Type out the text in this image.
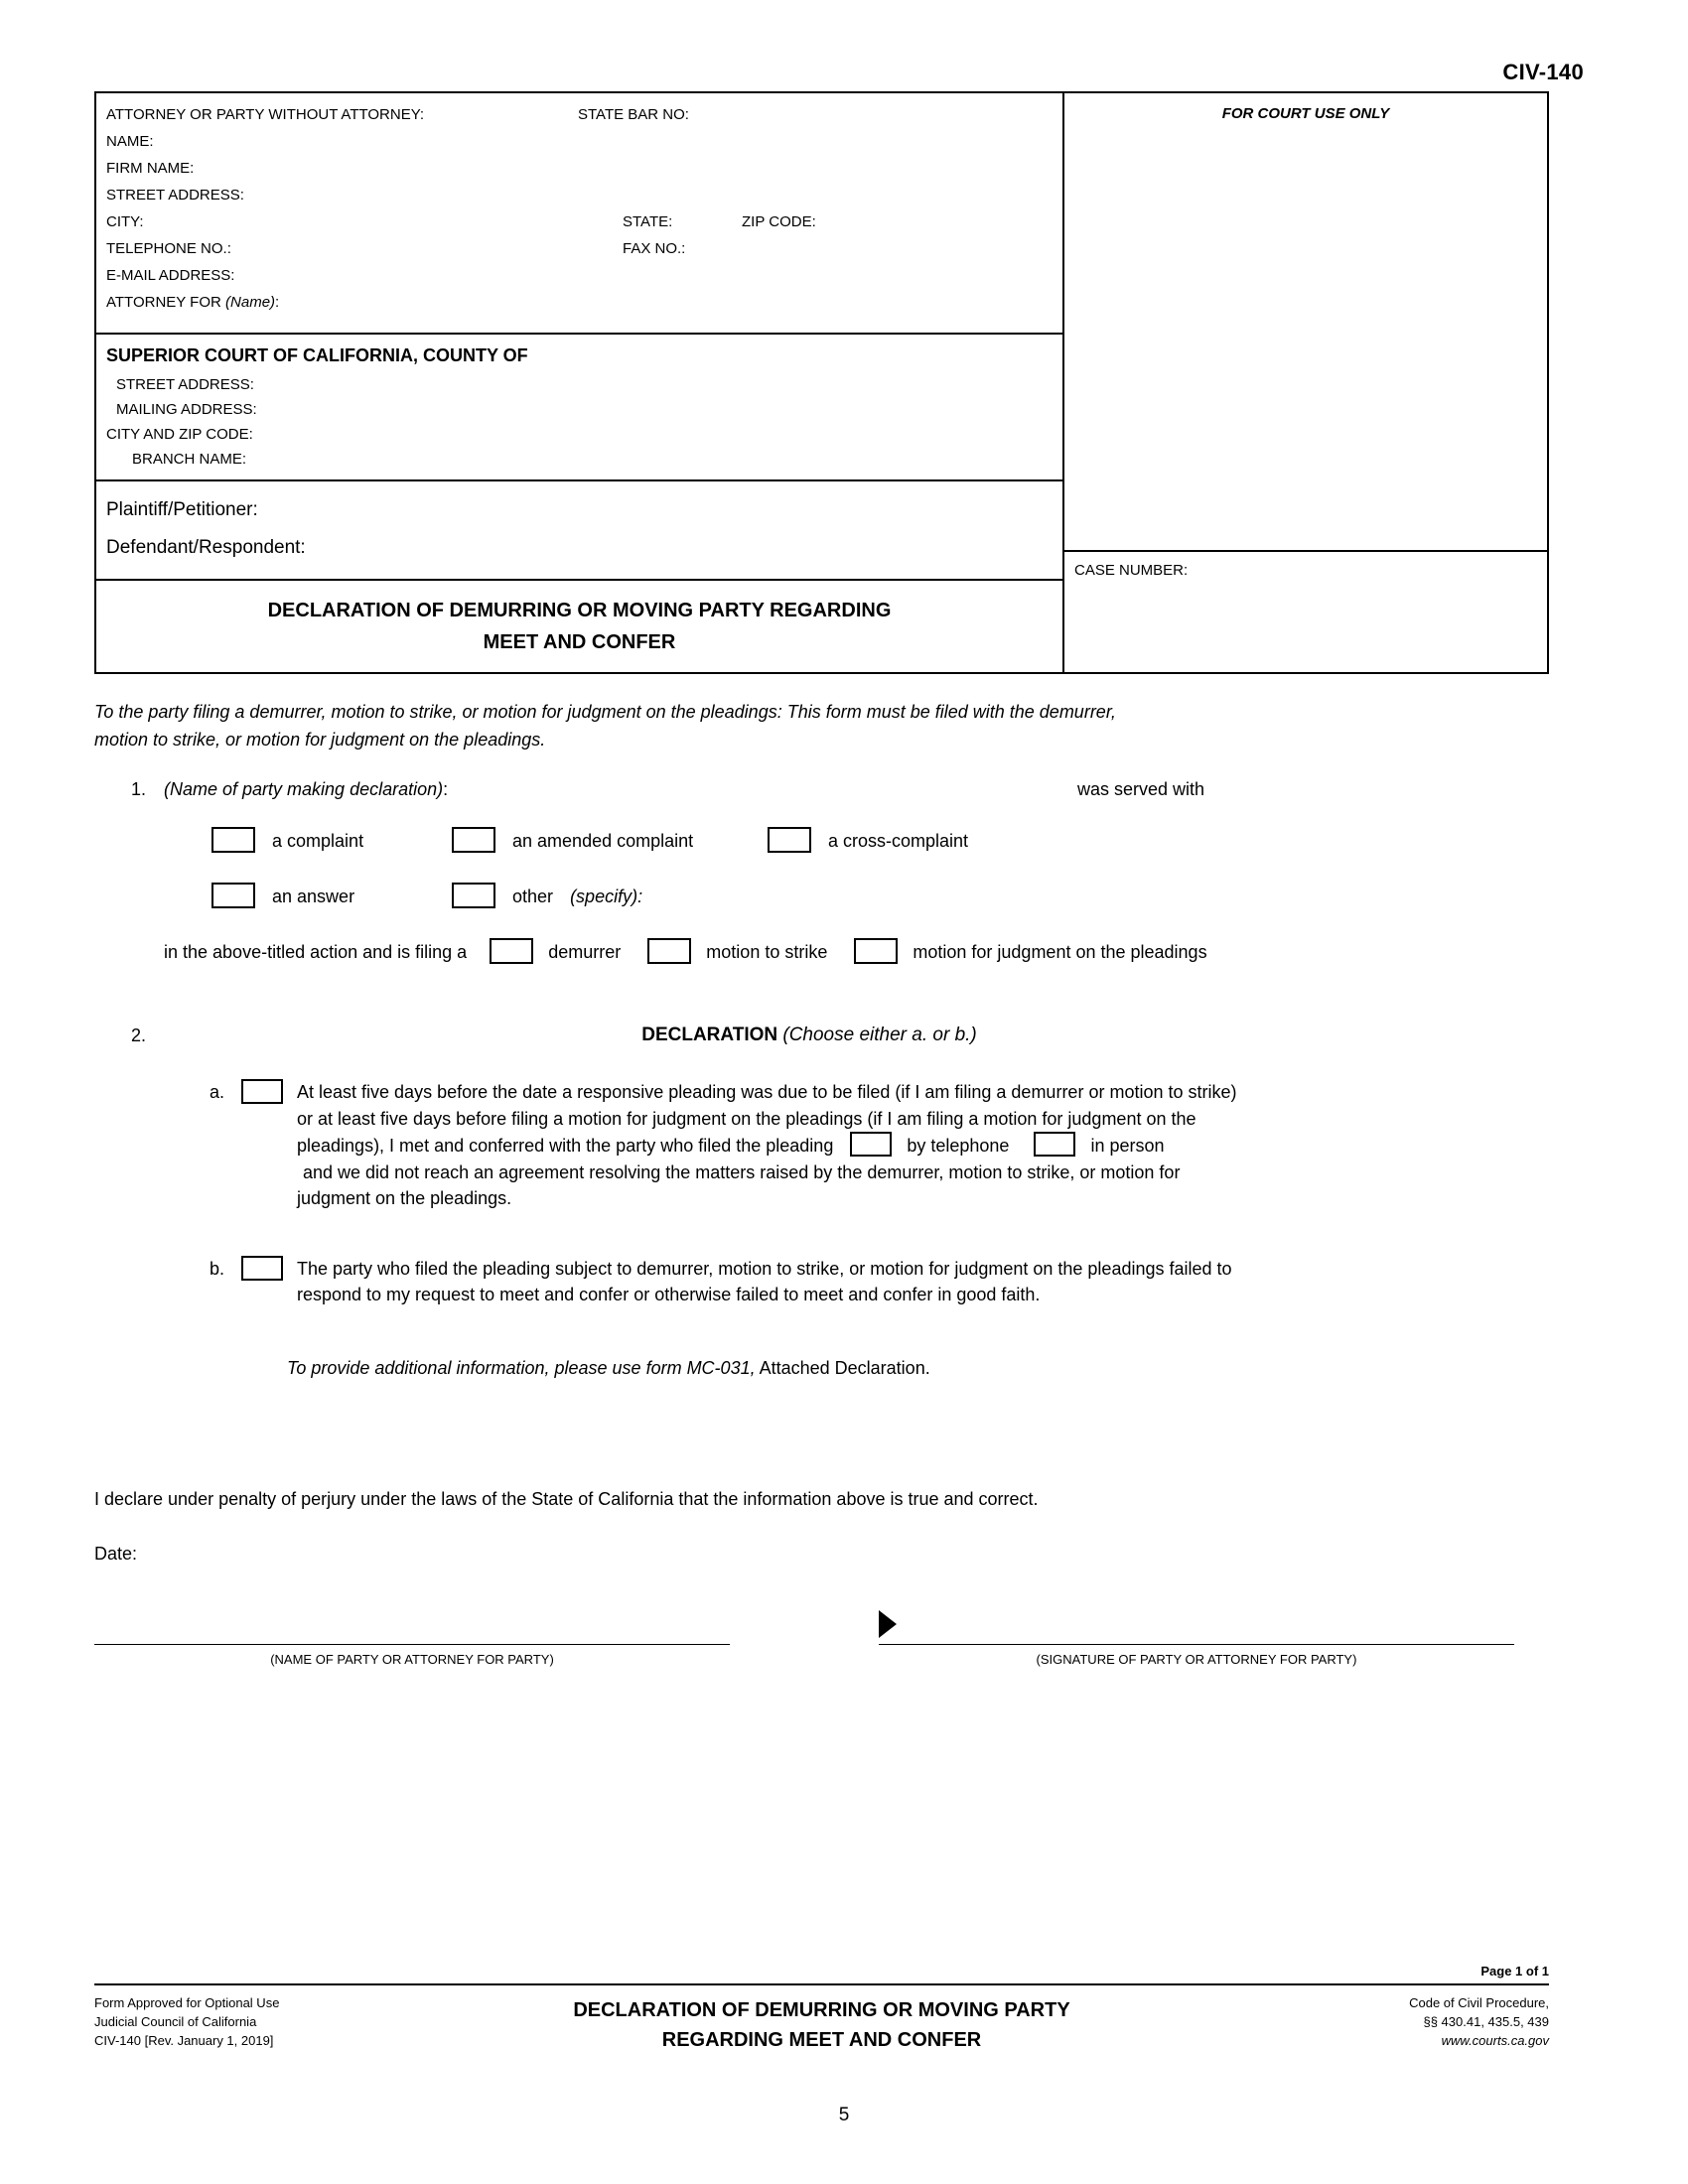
CIV-140
ATTORNEY OR PARTY WITHOUT ATTORNEY:	STATE BAR NO:
NAME:
FIRM NAME:
STREET ADDRESS:
CITY:	STATE:	ZIP CODE:
TELEPHONE NO.:	FAX NO.:
E-MAIL ADDRESS:
ATTORNEY FOR (Name):
SUPERIOR COURT OF CALIFORNIA, COUNTY OF
STREET ADDRESS:
MAILING ADDRESS:
CITY AND ZIP CODE:
BRANCH NAME:
Plaintiff/Petitioner:
Defendant/Respondent:
DECLARATION OF DEMURRING OR MOVING PARTY REGARDING
MEET AND CONFER
FOR COURT USE ONLY
CASE NUMBER:
To the party filing a demurrer, motion to strike, or motion for judgment on the pleadings: This form must be filed with the demurrer,
motion to strike, or motion for judgment on the pleadings.
1.	(Name of party making declaration):	was served with
a complaint	an amended complaint	a cross-complaint
an answer	other (specify):
in the above-titled action and is filing a	demurrer	motion to strike	motion for judgment on the pleadings
2.	DECLARATION (Choose either a. or b.)
a.	At least five days before the date a responsive pleading was due to be filed (if I am filing a demurrer or motion to strike)
or at least five days before filing a motion for judgment on the pleadings (if I am filing a motion for judgment on the
pleadings), I met and conferred with the party who filed the pleading	by telephone	in person
and we did not reach an agreement resolving the matters raised by the demurrer, motion to strike, or motion for
judgment on the pleadings.
b.	The party who filed the pleading subject to demurrer, motion to strike, or motion for judgment on the pleadings failed to
respond to my request to meet and confer or otherwise failed to meet and confer in good faith.
To provide additional information, please use form MC-031, Attached Declaration.
I declare under penalty of perjury under the laws of the State of California that the information above is true and correct.
Date:
(NAME OF PARTY OR ATTORNEY FOR PARTY)	(SIGNATURE OF PARTY OR ATTORNEY FOR PARTY)
Page 1 of 1
Form Approved for Optional Use
Judicial Council of California
CIV-140 [Rev. January 1, 2019]
DECLARATION OF DEMURRING OR MOVING PARTY
REGARDING MEET AND CONFER
Code of Civil Procedure,
§§ 430.41, 435.5, 439
www.courts.ca.gov
5
